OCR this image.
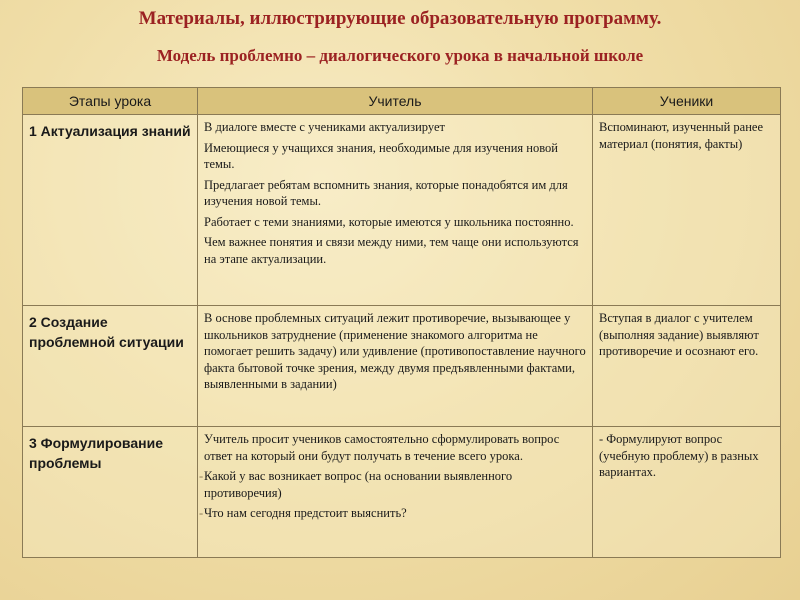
Материалы, иллюстрирующие образовательную программу.
Модель проблемно – диалогического урока в начальной школе
Этапы урока	Учитель	Ученики
1 Актуализация знаний	В диалоге вместе с учениками актуализирует

Имеющиеся у учащихся знания, необходимые для изучения новой темы.

Предлагает ребятам вспомнить знания, которые понадобятся им для изучения новой темы.

Работает с теми знаниями, которые имеются у школьника постоянно.

Чем важнее понятия и связи между ними, тем чаще они используются на этапе актуализации.	Вспоминают, изученный ранее материал (понятия, факты)
2 Создание проблемной ситуации	В основе проблемных ситуаций лежит противоречие, вызывающее у школьников затруднение (применение знакомого алгоритма не помогает решить задачу) или удивление (противопоставление научного факта бытовой точке зрения, между двумя предъявленными фактами, выявленными в задании)	Вступая в диалог с учителем (выполняя задание) выявляют противоречие и осознают его.
3 Формулирование проблемы	Учитель просит учеников самостоятельно сформулировать вопрос ответ на который они будут получать в течение всего урока.

- Какой у вас возникает вопрос (на основании выявленного противоречия)

- Что нам сегодня предстоит выяснить?	- Формулируют вопрос (учебную проблему) в разных вариантах.
